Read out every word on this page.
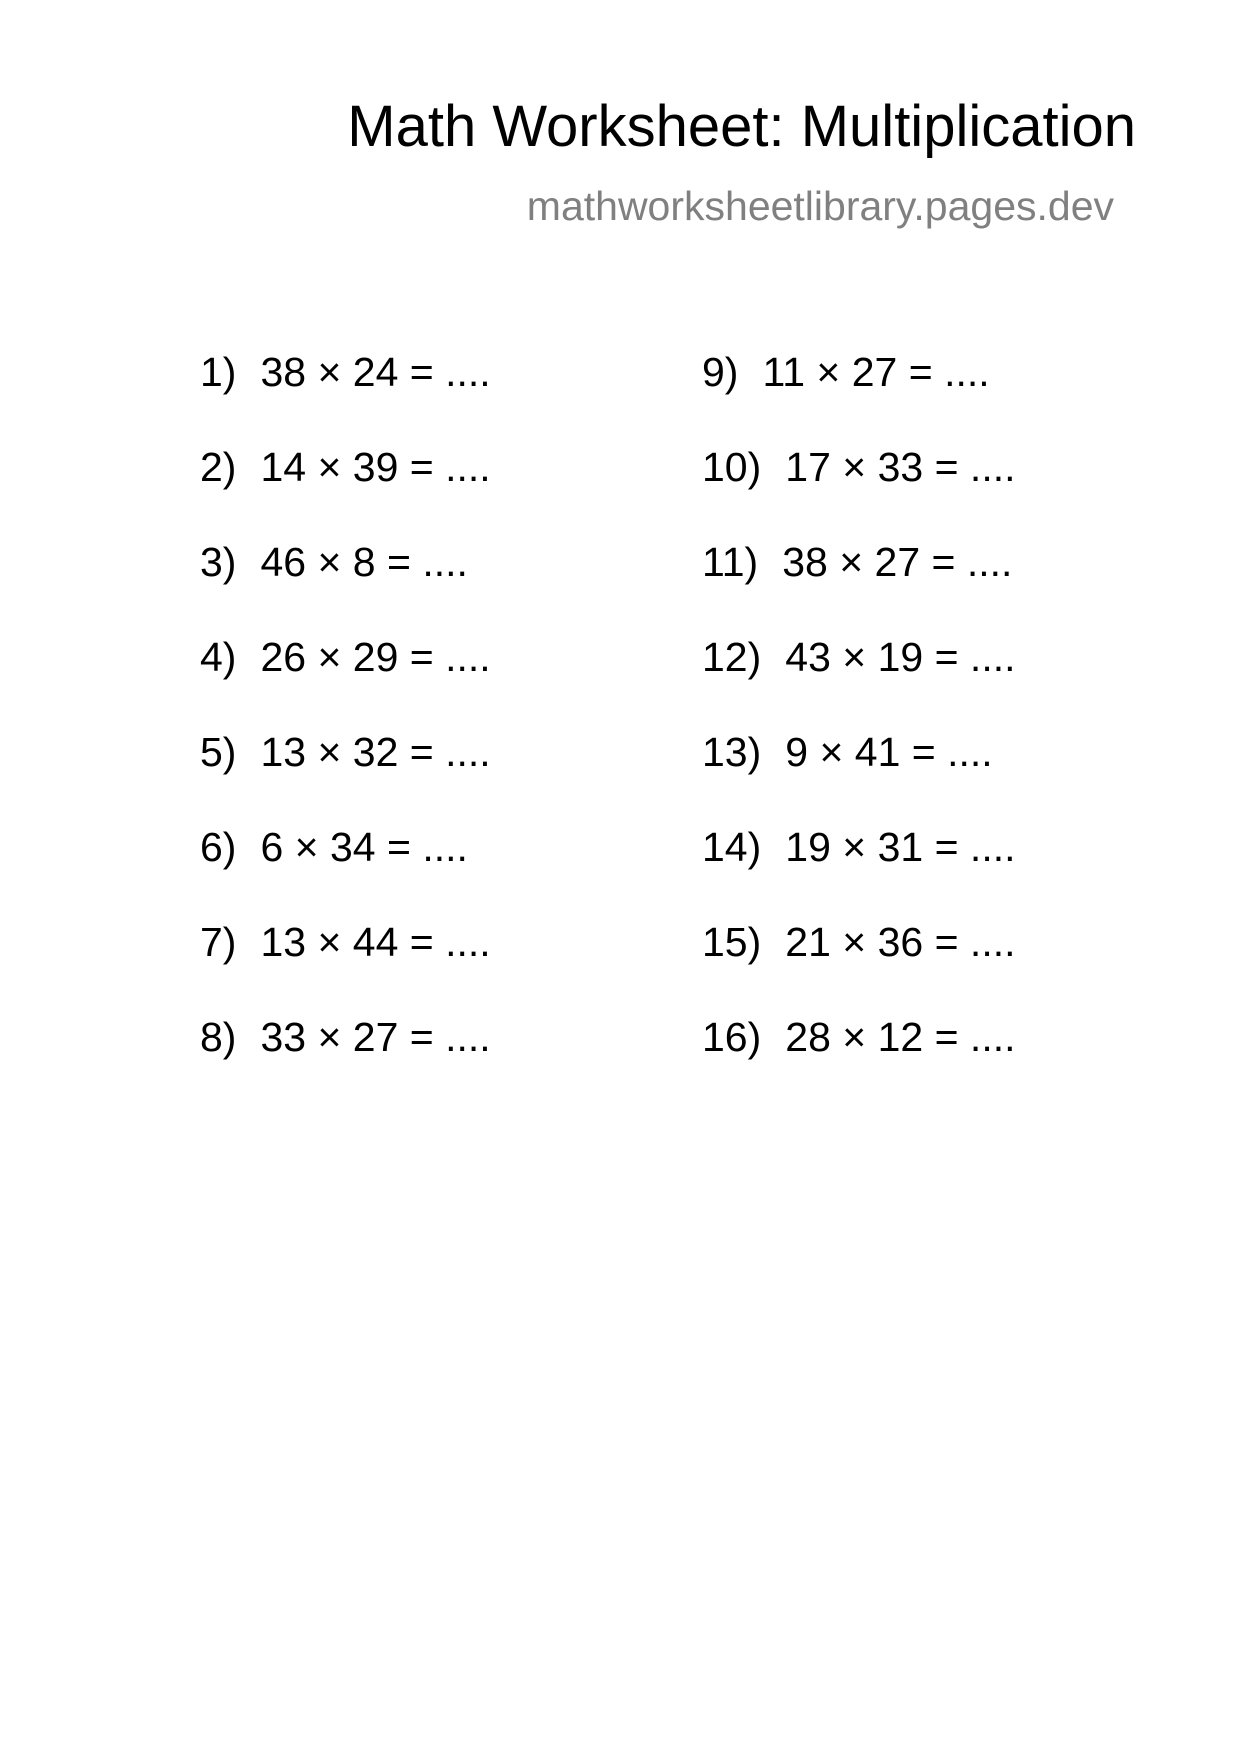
Math Worksheet: Multiplication
mathworksheetlibrary.pages.dev
1) 38 × 24 = ....
2) 14 × 39 = ....
3) 46 × 8 = ....
4) 26 × 29 = ....
5) 13 × 32 = ....
6) 6 × 34 = ....
7) 13 × 44 = ....
8) 33 × 27 = ....
9) 11 × 27 = ....
10) 17 × 33 = ....
11) 38 × 27 = ....
12) 43 × 19 = ....
13) 9 × 41 = ....
14) 19 × 31 = ....
15) 21 × 36 = ....
16) 28 × 12 = ....
